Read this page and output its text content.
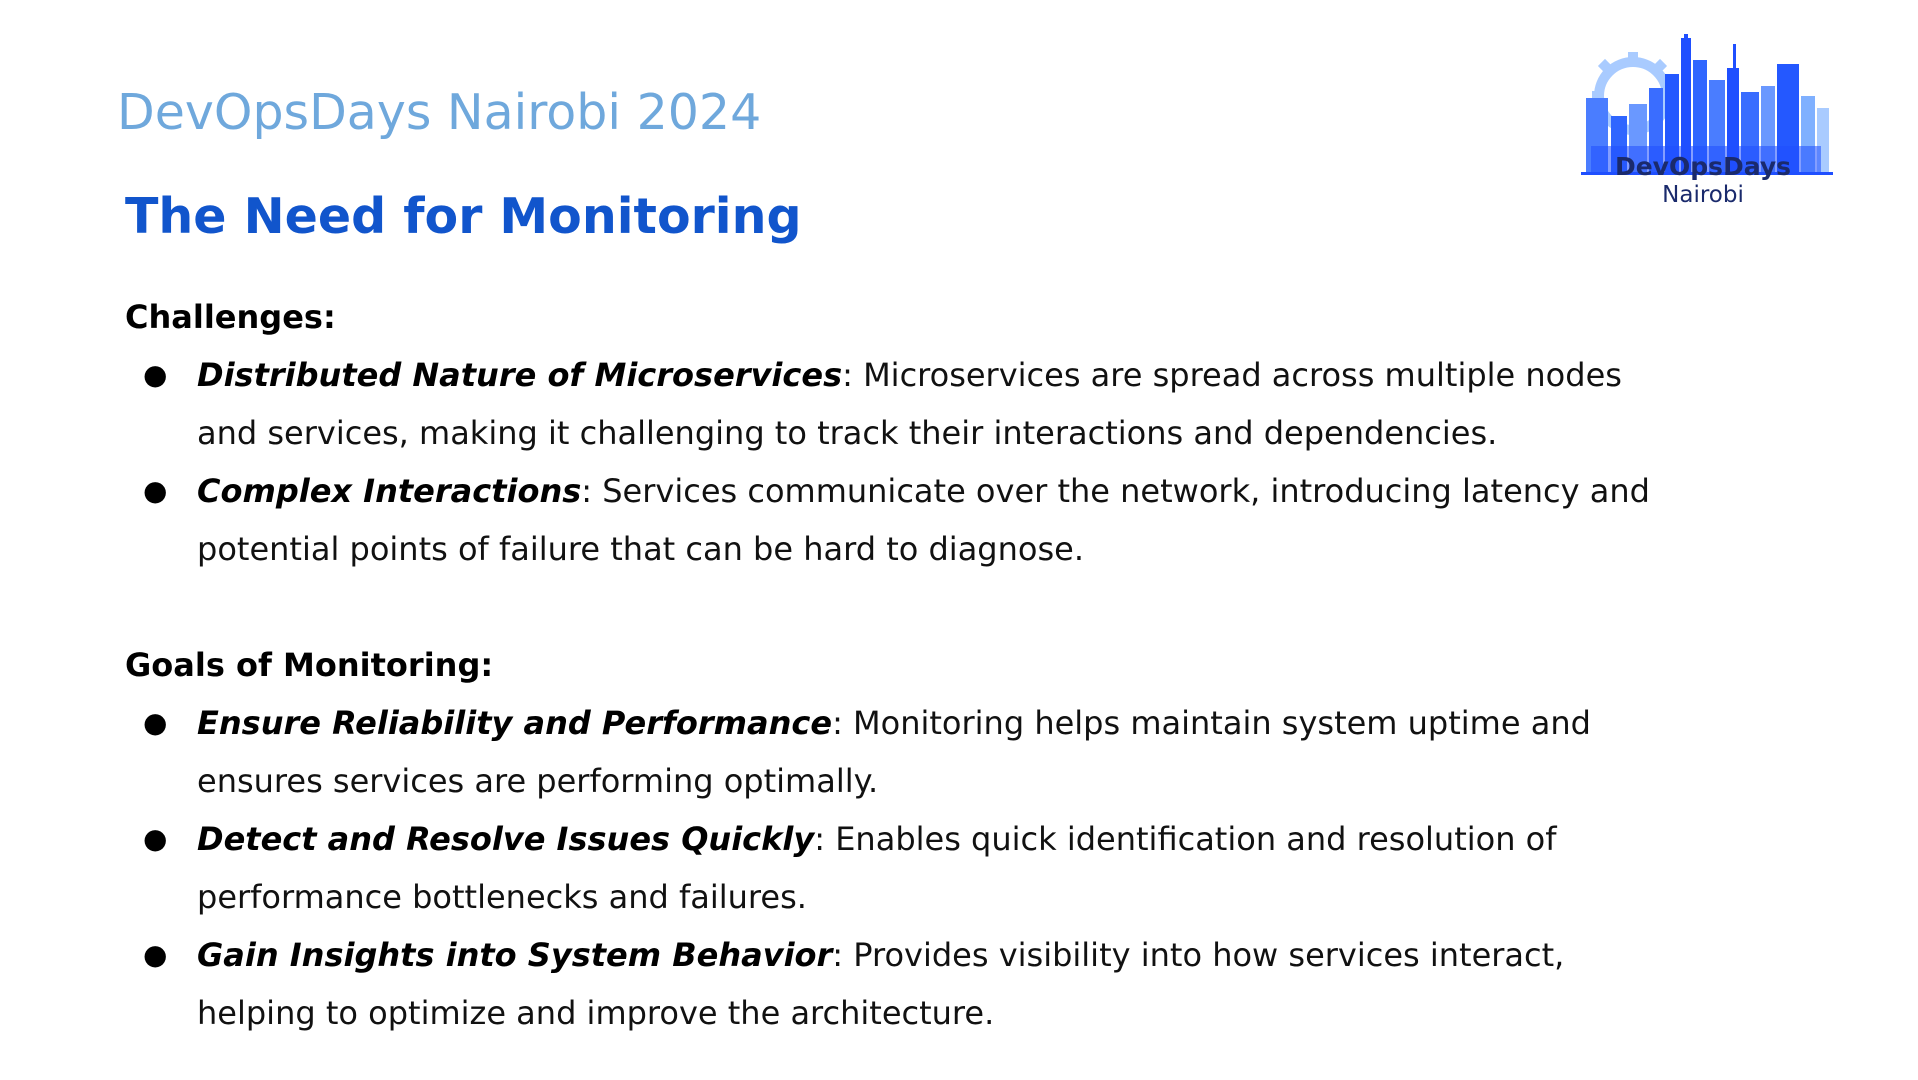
DevOpsDays Nairobi 2024
The Need for Monitoring
DevOpsDays
Nairobi
Challenges:
● Distributed Nature of Microservices: Microservices are spread across multiple nodes and services, making it challenging to track their interactions and dependencies.
● Complex Interactions: Services communicate over the network, introducing latency and potential points of failure that can be hard to diagnose.
Goals of Monitoring:
● Ensure Reliability and Performance: Monitoring helps maintain system uptime and ensures services are performing optimally.
● Detect and Resolve Issues Quickly: Enables quick identification and resolution of performance bottlenecks and failures.
● Gain Insights into System Behavior: Provides visibility into how services interact, helping to optimize and improve the architecture.
